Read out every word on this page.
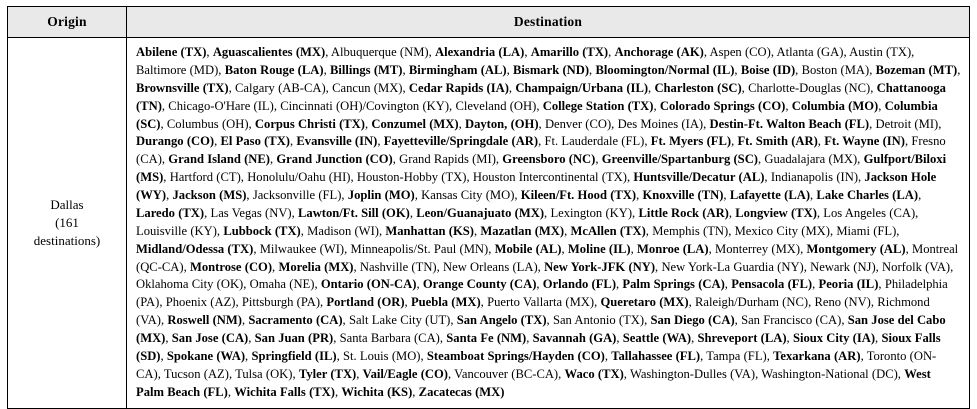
Origin	Destination

Dallas
(161
destinations)
	Abilene (TX), Aguascalientes (MX), Albuquerque (NM), Alexandria (LA), Amarillo (TX), Anchorage (AK), Aspen (CO), Atlanta (GA), Austin (TX), Baltimore (MD), Baton Rouge (LA), Billings (MT), Birmingham (AL), Bismark (ND), Bloomington/Normal (IL), Boise (ID), Boston (MA), Bozeman (MT), Brownsville (TX), Calgary (AB-CA), Cancun (MX), Cedar Rapids (IA), Champaign/Urbana (IL), Charleston (SC), Charlotte-Douglas (NC), Chattanooga (TN), Chicago-O'Hare (IL), Cincinnati (OH)/Covington (KY), Cleveland (OH), College Station (TX), Colorado Springs (CO), Columbia (MO), Columbia (SC), Columbus (OH), Corpus Christi (TX), Conzumel (MX), Dayton, (OH), Denver (CO), Des Moines (IA), Destin-Ft. Walton Beach (FL), Detroit (MI), Durango (CO), El Paso (TX), Evansville (IN), Fayetteville/Springdale (AR), Ft. Lauderdale (FL), Ft. Myers (FL), Ft. Smith (AR), Ft. Wayne (IN), Fresno (CA), Grand Island (NE), Grand Junction (CO), Grand Rapids (MI), Greensboro (NC), Greenville/Spartanburg (SC), Guadalajara (MX), Gulfport/Biloxi (MS), Hartford (CT), Honolulu/Oahu (HI), Houston-Hobby (TX), Houston Intercontinental (TX), Huntsville/Decatur (AL), Indianapolis (IN), Jackson Hole (WY), Jackson (MS), Jacksonville (FL), Joplin (MO), Kansas City (MO), Kileen/Ft. Hood (TX), Knoxville (TN), Lafayette (LA), Lake Charles (LA), Laredo (TX), Las Vegas (NV), Lawton/Ft. Sill (OK), Leon/Guanajuato (MX), Lexington (KY), Little Rock (AR), Longview (TX), Los Angeles (CA), Louisville (KY), Lubbock (TX), Madison (WI), Manhattan (KS), Mazatlan (MX), McAllen (TX), Memphis (TN), Mexico City (MX), Miami (FL), Midland/Odessa (TX), Milwaukee (WI), Minneapolis/St. Paul (MN), Mobile (AL), Moline (IL), Monroe (LA), Monterrey (MX), Montgomery (AL), Montreal (QC-CA), Montrose (CO), Morelia (MX), Nashville (TN), New Orleans (LA), New York-JFK (NY), New York-La Guardia (NY), Newark (NJ), Norfolk (VA), Oklahoma City (OK), Omaha (NE), Ontario (ON-CA), Orange County (CA), Orlando (FL), Palm Springs (CA), Pensacola (FL), Peoria (IL), Philadelphia (PA), Phoenix (AZ), Pittsburgh (PA), Portland (OR), Puebla (MX), Puerto Vallarta (MX), Queretaro (MX), Raleigh/Durham (NC), Reno (NV), Richmond (VA), Roswell (NM), Sacramento (CA), Salt Lake City (UT), San Angelo (TX), San Antonio (TX), San Diego (CA), San Francisco (CA), San Jose del Cabo (MX), San Jose (CA), San Juan (PR), Santa Barbara (CA), Santa Fe (NM), Savannah (GA), Seattle (WA), Shreveport (LA), Sioux City (IA), Sioux Falls (SD), Spokane (WA), Springfield (IL), St. Louis (MO), Steamboat Springs/Hayden (CO), Tallahassee (FL), Tampa (FL), Texarkana (AR), Toronto (ON-CA), Tucson (AZ), Tulsa (OK), Tyler (TX), Vail/Eagle (CO), Vancouver (BC-CA), Waco (TX), Washington-Dulles (VA), Washington-National (DC), West Palm Beach (FL), Wichita Falls (TX), Wichita (KS), Zacatecas (MX)
